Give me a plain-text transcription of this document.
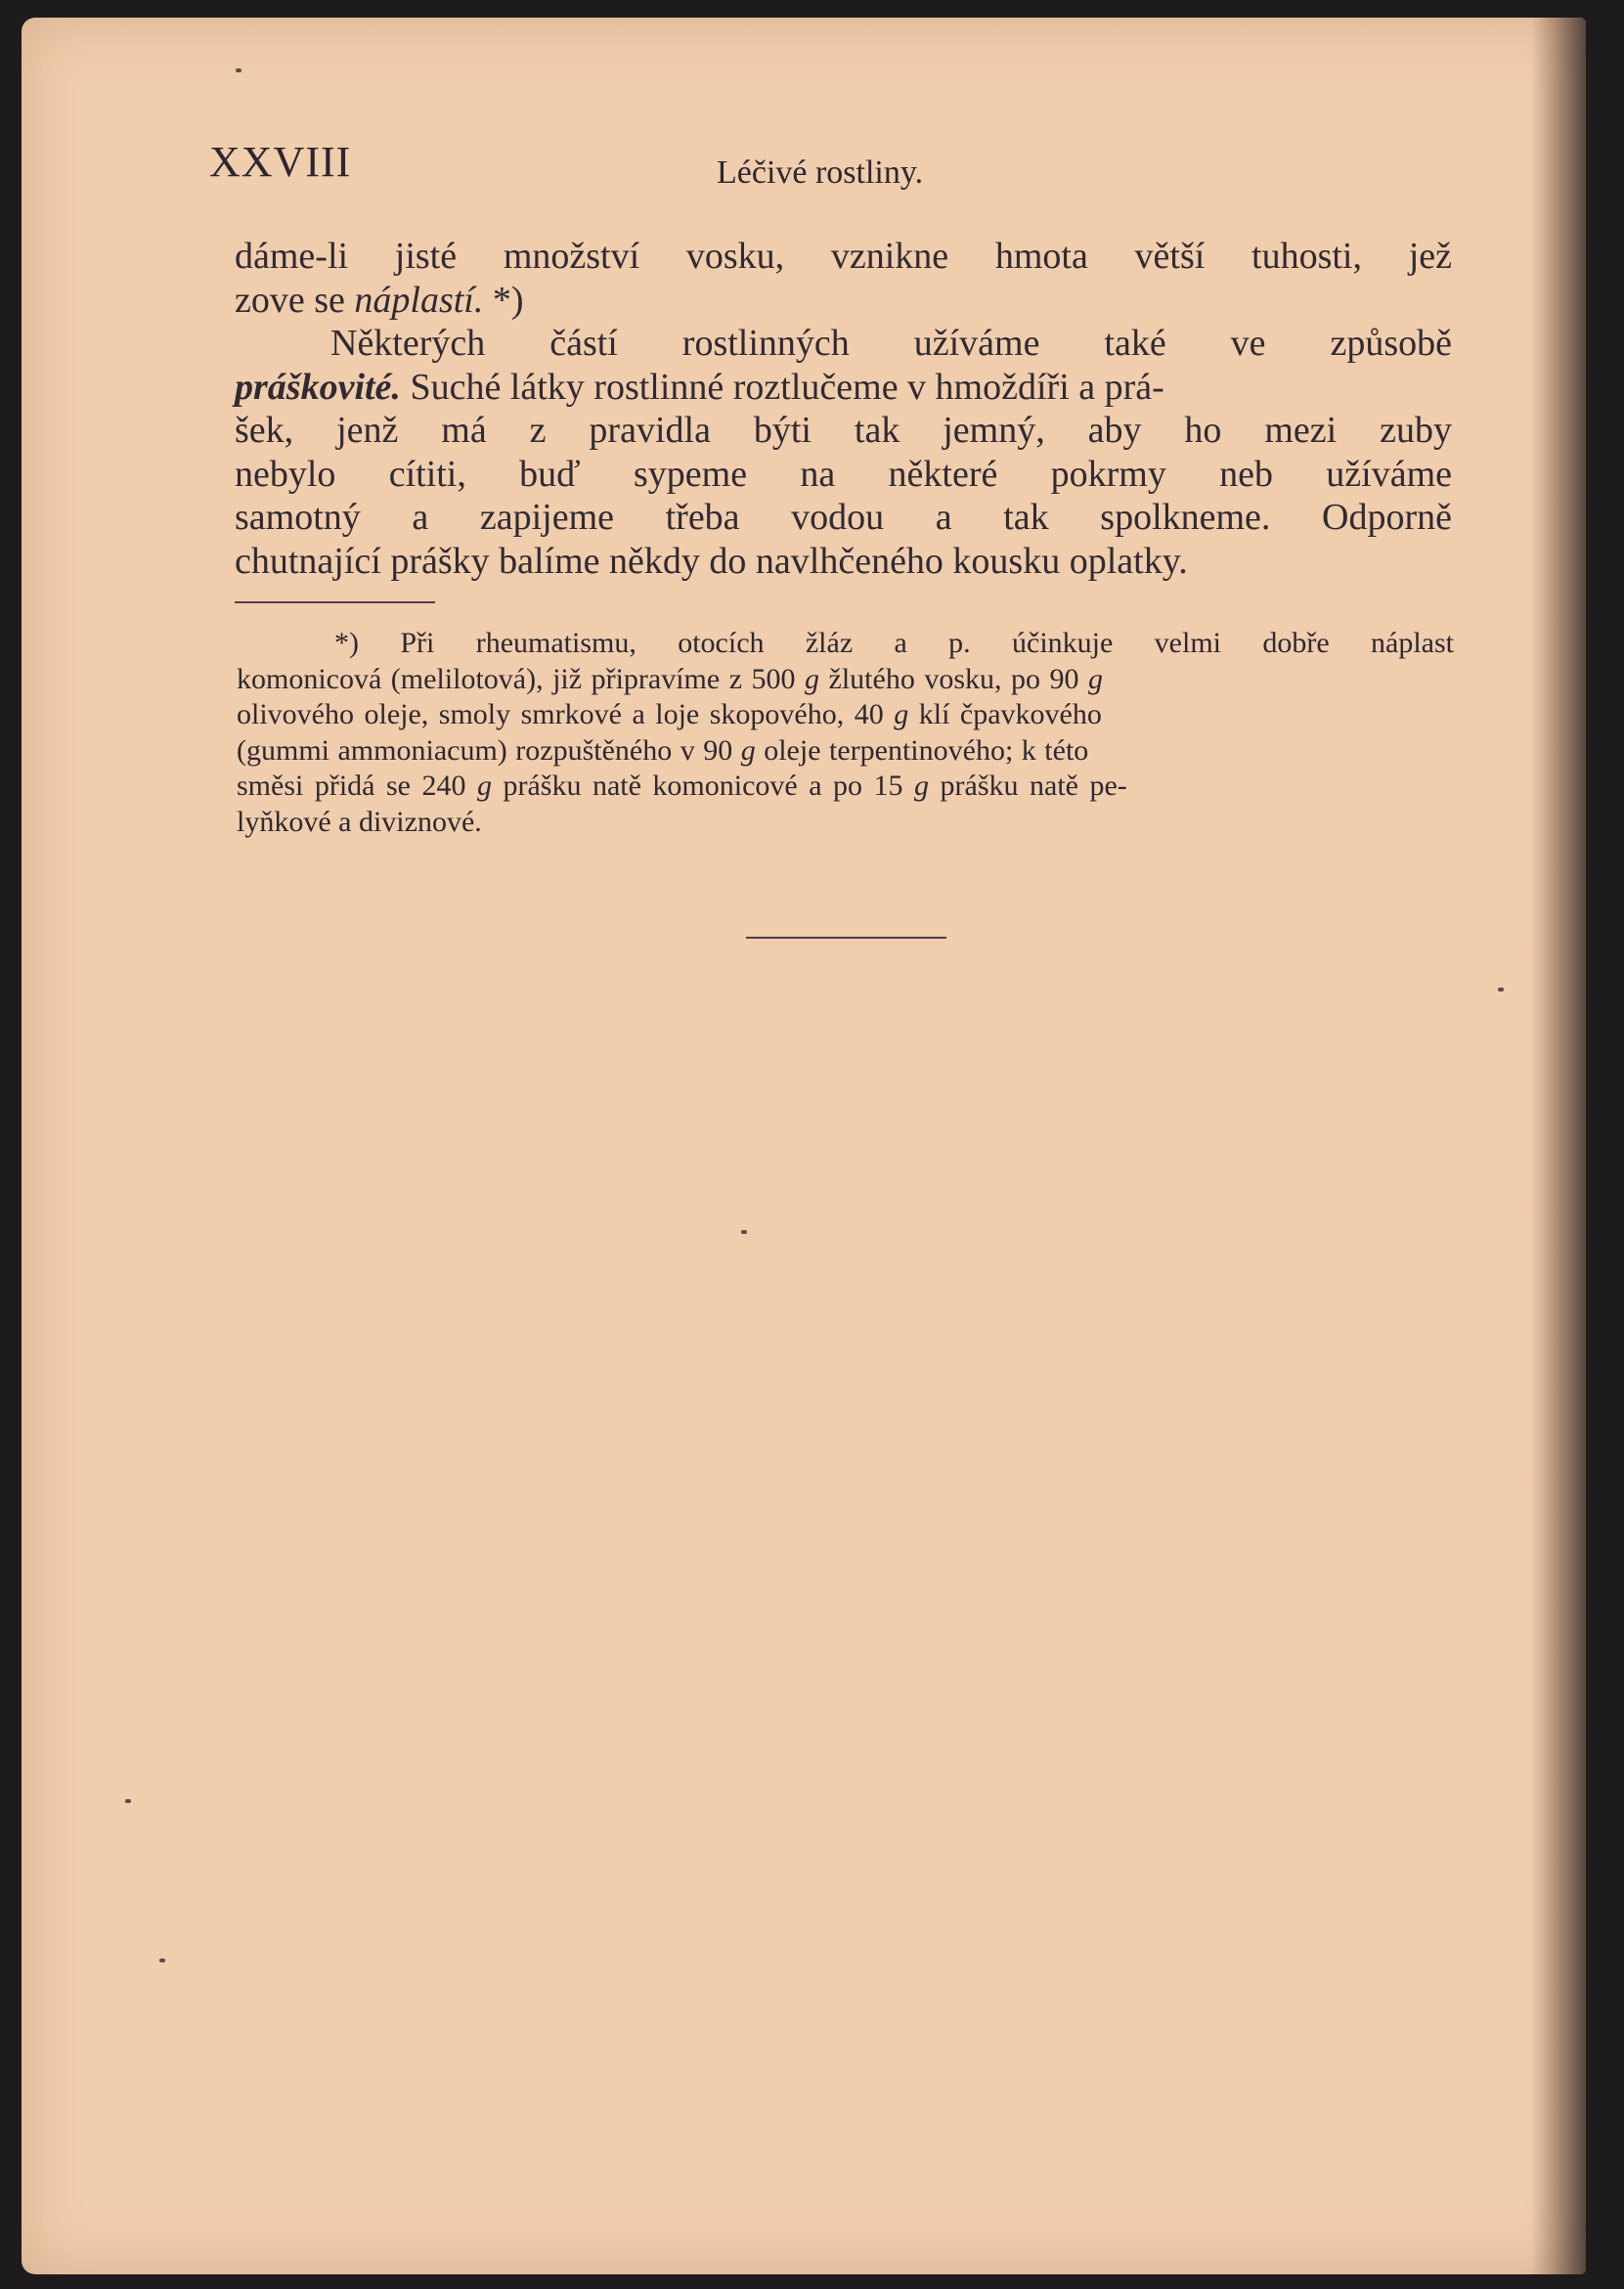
XXVIII	Léčivé rostliny.
dáme-li jisté množství vosku, vznikne hmota větší tuhosti, jež
zove se náplastí. *)
Některých částí rostlinných užíváme také ve způsobě
práškovité. Suché látky rostlinné roztlučeme v hmoždíři a prá-
šek, jenž má z pravidla býti tak jemný, aby ho mezi zuby
nebylo cítiti, buď sypeme na některé pokrmy neb užíváme
samotný a zapijeme třeba vodou a tak spolkneme. Odporně
chutnající prášky balíme někdy do navlhčeného kousku oplatky.
*) Při rheumatismu, otocích žláz a p. účinkuje velmi dobře náplast
komonicová (melilotová), již připravíme z 500 g žlutého vosku, po 90 g
olivového oleje, smoly smrkové a loje skopového, 40 g klí čpavkového
(gummi ammoniacum) rozpuštěného v 90 g oleje terpentinového; k této
směsi přidá se 240 g prášku natě komonicové a po 15 g prášku natě pe-
lyňkové a diviznové.
